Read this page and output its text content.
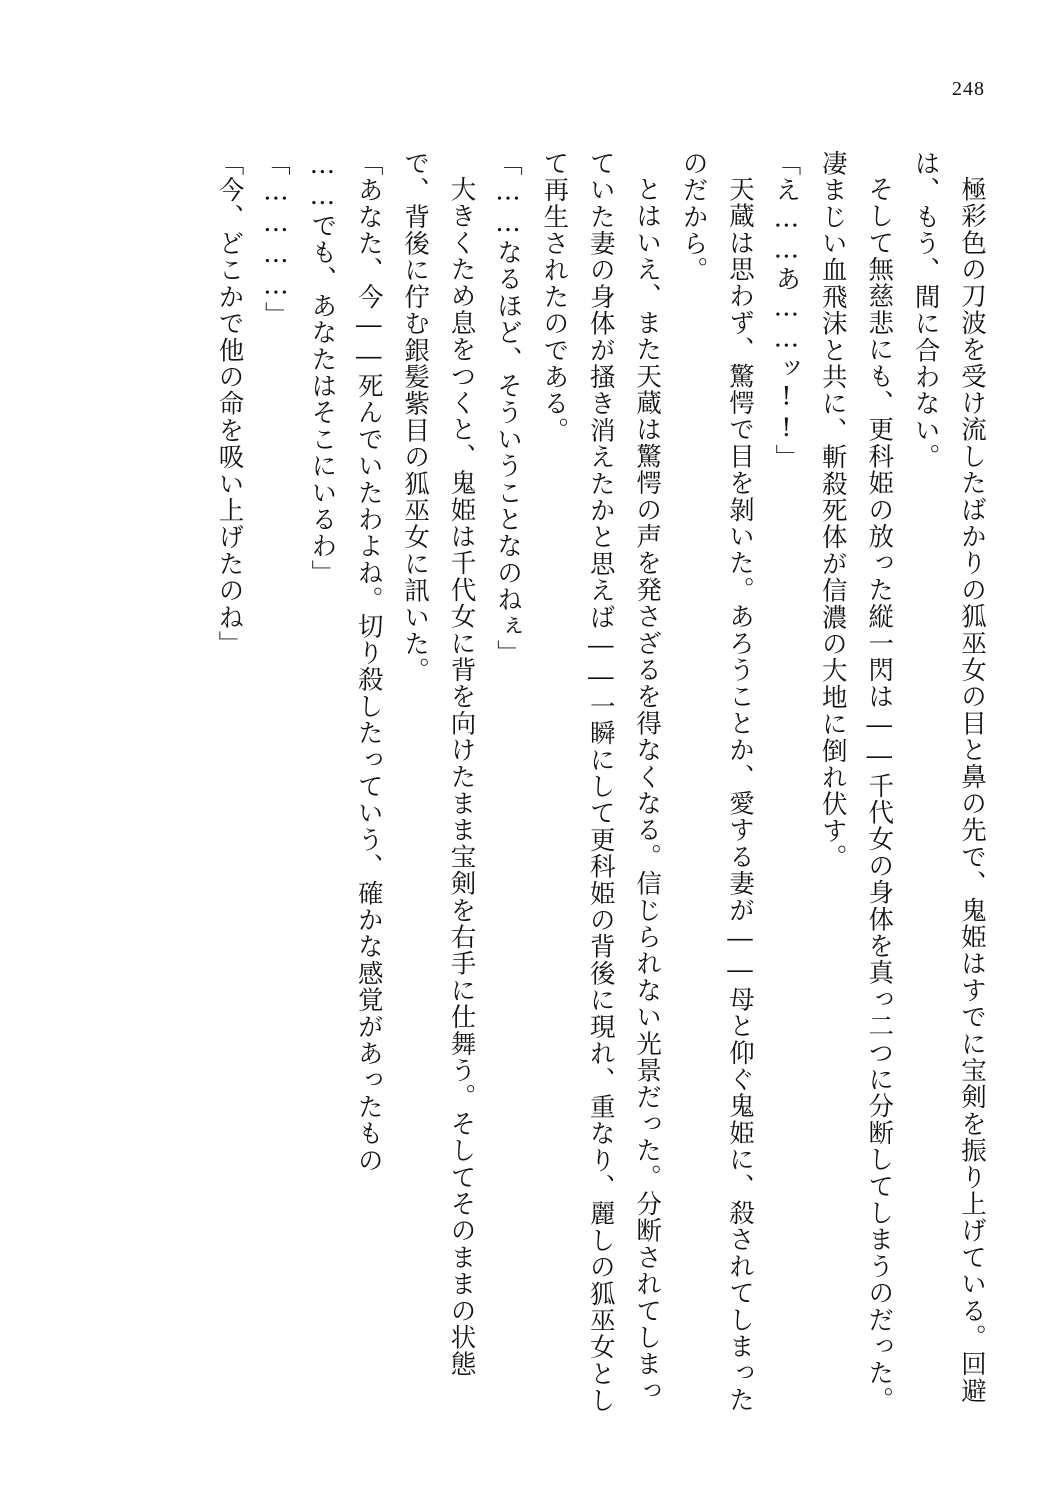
248

極彩色の刀波を受け流したばかりの狐巫女の目と鼻の先で、鬼姫はすでに宝剣を振り上げている。回避は、もう、間に合わない。

そして無慈悲にも、更科姫の放った縦一閃は――千代女の身体を真っ二つに分断してしまうのだった。凄まじい血飛沫と共に、斬殺死体が信濃の大地に倒れ伏す。

「え……あ……ッ!!」

天蔵は思わず、驚愕で目を剝いた。あろうことか、愛する妻が――母と仰ぐ鬼姫に、殺されてしまったのだから。

とはいえ、また天蔵は驚愕の声を発さざるを得なくなる。信じられない光景だった。分断されてしまっていた妻の身体が搔き消えたかと思えば――一瞬にして更科姫の背後に現れ、重なり、麗しの狐巫女として再生されたのである。

「……なるほど、そういうことなのねぇ」

大きくため息をつくと、鬼姫は千代女に背を向けたまま宝剣を右手に仕舞う。そしてそのままの状態で、背後に佇む銀髪紫目の狐巫女に訊いた。

「あなた、今――死んでいたわよね。切り殺したっていう、確かな感覚があったもの

……でも、あなたはそこにいるわ」

「…………」

「今、どこかで他の命を吸い上げたのね」
